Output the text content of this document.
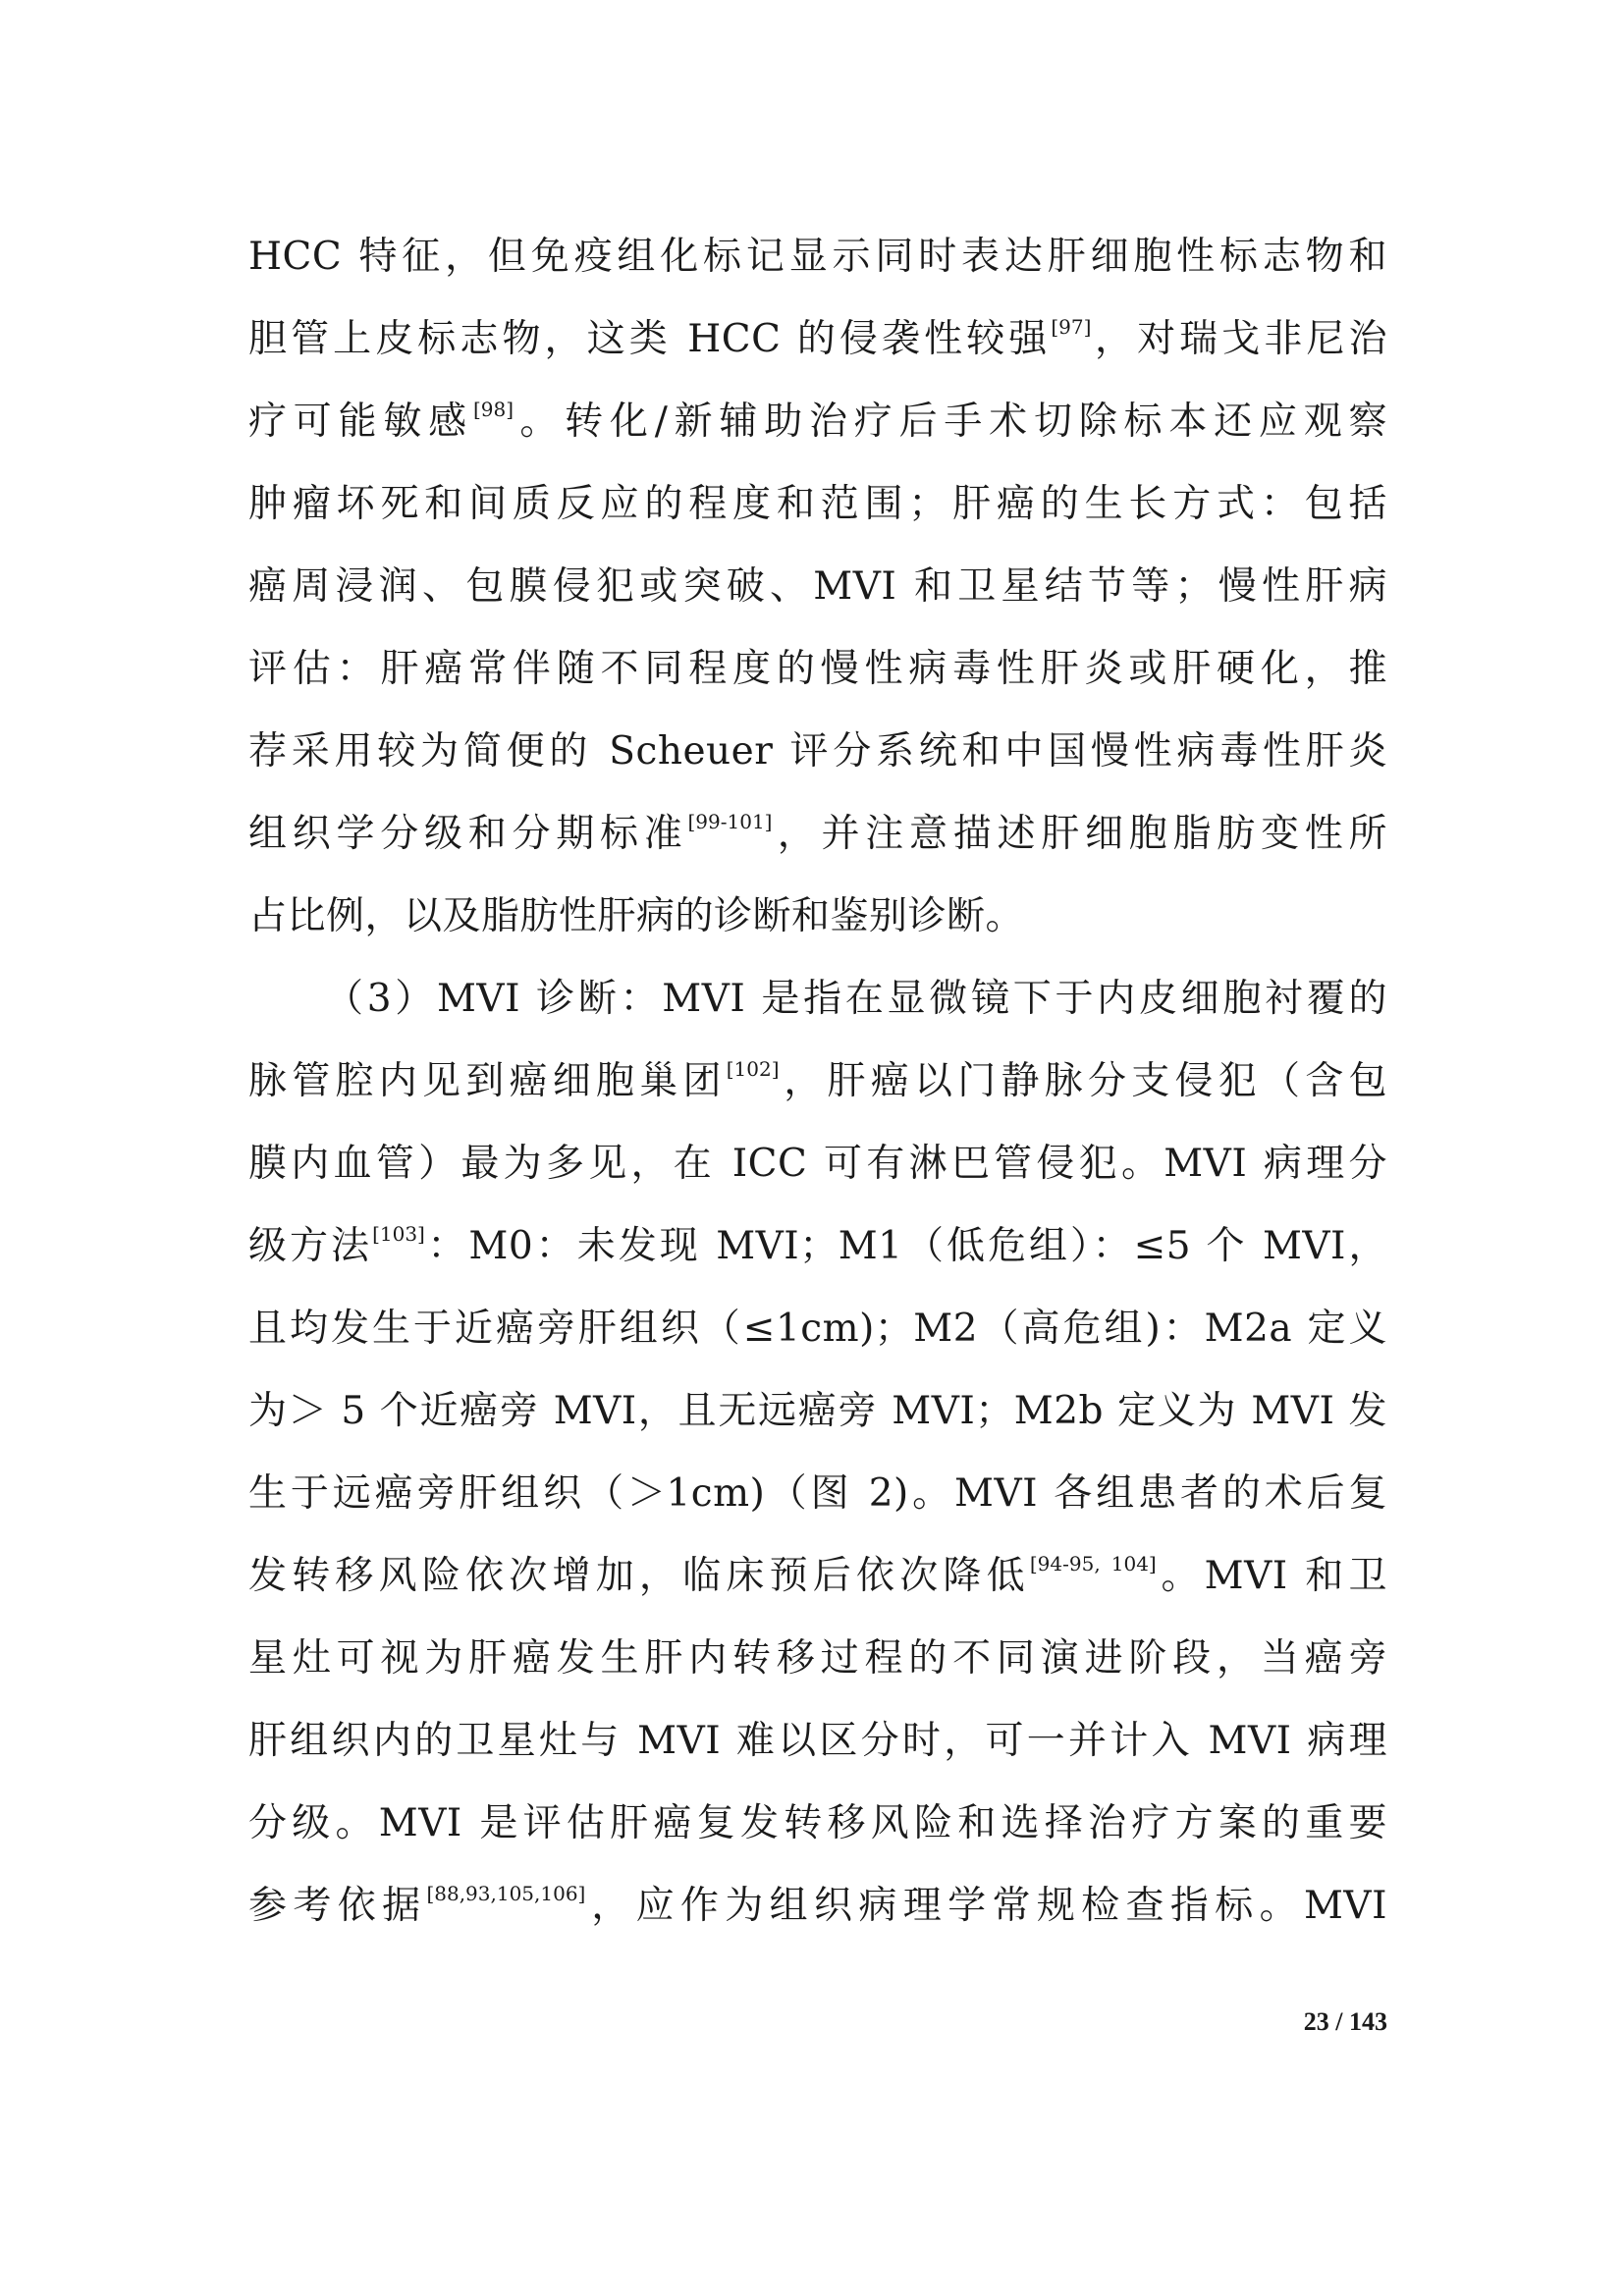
HCC 特征，但免疫组化标记显示同时表达肝细胞性标志物和
胆管上皮标志物，这类 HCC 的侵袭性较强[97]，对瑞戈非尼治
疗可能敏感[98]。转化/新辅助治疗后手术切除标本还应观察
肿瘤坏死和间质反应的程度和范围；肝癌的生长方式：包括
癌周浸润、包膜侵犯或突破、MVI 和卫星结节等；慢性肝病
评估：肝癌常伴随不同程度的慢性病毒性肝炎或肝硬化，推
荐采用较为简便的 Scheuer 评分系统和中国慢性病毒性肝炎
组织学分级和分期标准[99-101]，并注意描述肝细胞脂肪变性所
占比例，以及脂肪性肝病的诊断和鉴别诊断。
（3）MVI 诊断：MVI 是指在显微镜下于内皮细胞衬覆的
脉管腔内见到癌细胞巢团[102]，肝癌以门静脉分支侵犯（含包
膜内血管）最为多见，在 ICC 可有淋巴管侵犯。MVI 病理分
级方法[103]：M0：未发现 MVI；M1（低危组）：≤5 个 MVI，
且均发生于近癌旁肝组织（≤1cm)；M2（高危组)：M2a 定义
为＞ 5 个近癌旁 MVI，且无远癌旁 MVI；M2b 定义为 MVI 发
生于远癌旁肝组织（＞1cm)（图 2)。MVI 各组患者的术后复
发转移风险依次增加，临床预后依次降低[94-95, 104]。MVI 和卫
星灶可视为肝癌发生肝内转移过程的不同演进阶段，当癌旁
肝组织内的卫星灶与 MVI 难以区分时，可一并计入 MVI 病理
分级。MVI 是评估肝癌复发转移风险和选择治疗方案的重要
参考依据[88,93,105,106]，应作为组织病理学常规检查指标。MVI
23 / 143
